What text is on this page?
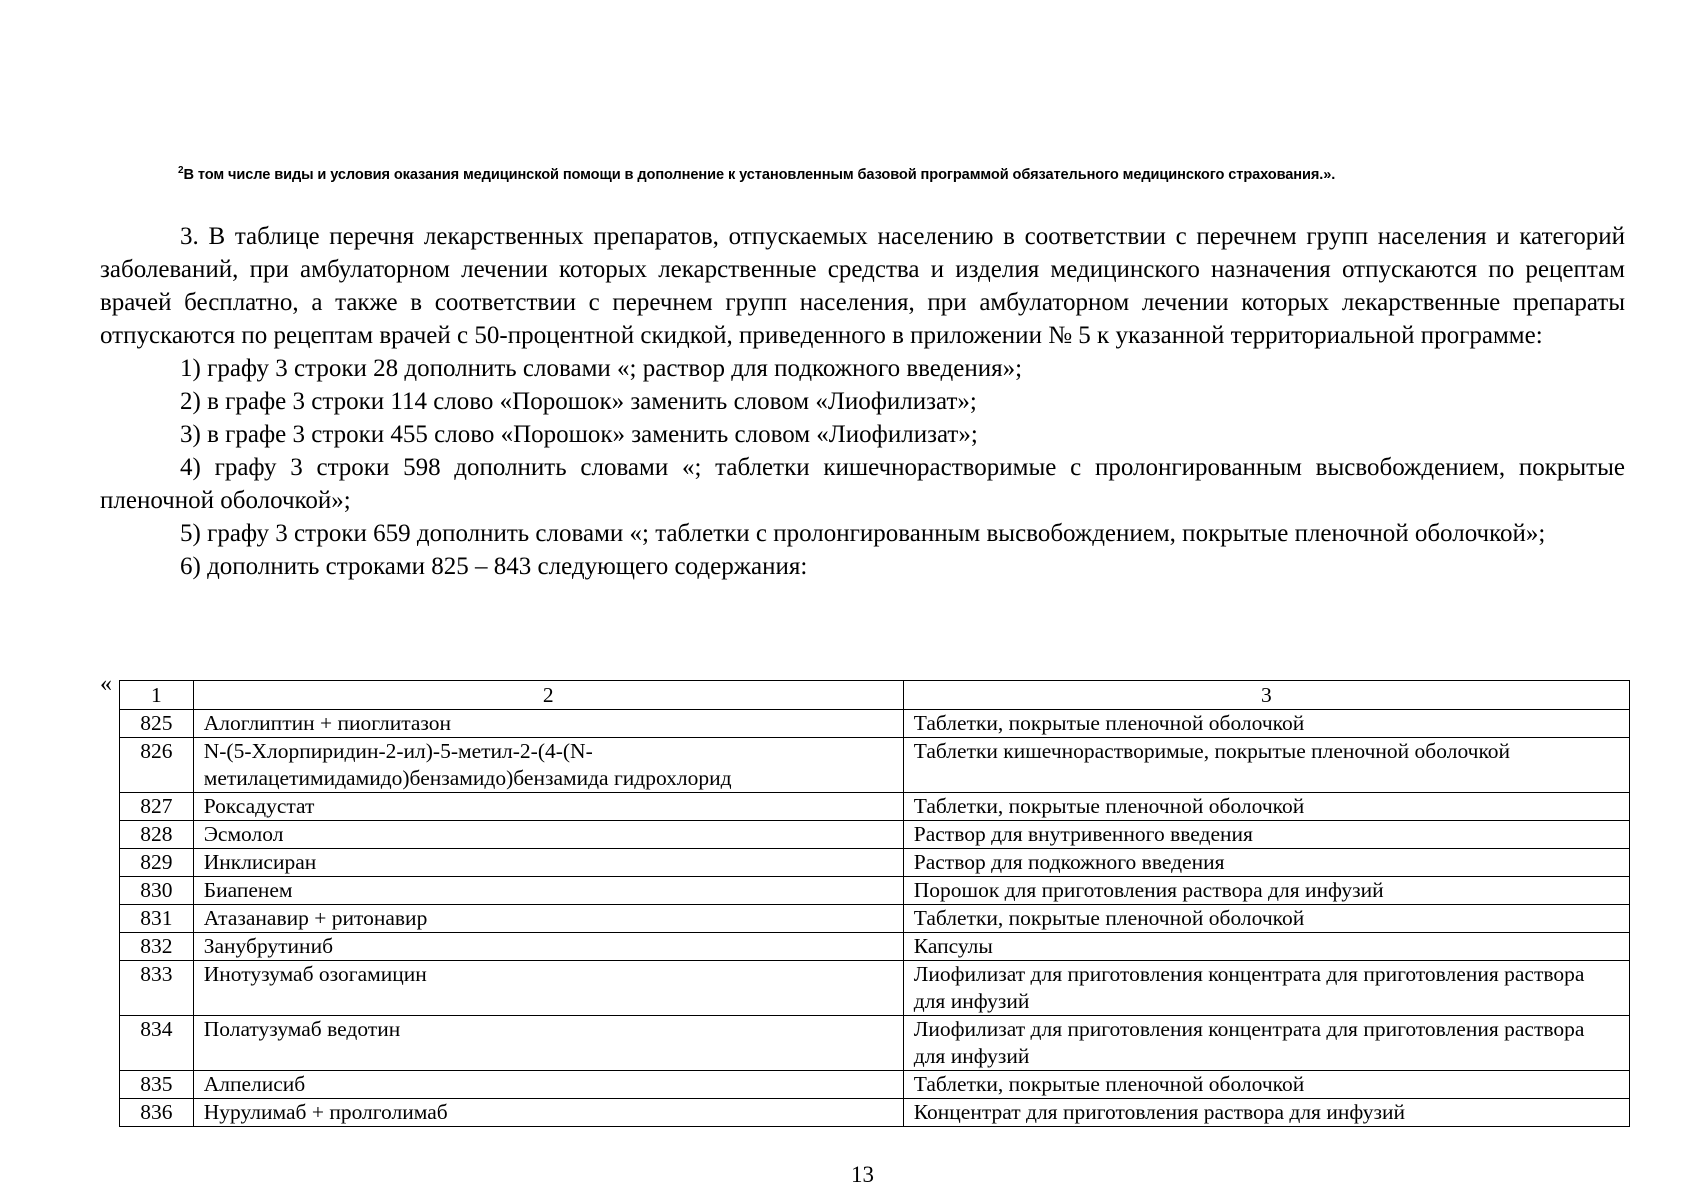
$^2$В том числе виды и условия оказания медицинской помощи в дополнение к установленным базовой программой обязательного медицинского страхования.».

3. В таблице перечня лекарственных препаратов, отпускаемых населению в соответствии с перечнем групп населения и категорий заболеваний, при амбулаторном лечении которых лекарственные средства и изделия медицинского назначения отпускаются по рецептам врачей бесплатно, а также в соответствии с перечнем групп населения, при амбулаторном лечении которых лекарственные препараты отпускаются по рецептам врачей с 50-процентной скидкой, приведенного в приложении № 5 к указанной территориальной программе:

1) графу 3 строки 28 дополнить словами «; раствор для подкожного введения»;

2) в графе 3 строки 114 слово «Порошок» заменить словом «Лиофилизат»;

3) в графе 3 строки 455 слово «Порошок» заменить словом «Лиофилизат»;

4) графу 3 строки 598 дополнить словами «; таблетки кишечнорастворимые с пролонгированным высвобождением, покрытые пленочной оболочкой»;

5) графу 3 строки 659 дополнить словами «; таблетки с пролонгированным высвобождением, покрытые пленочной оболочкой»;

6) дополнить строками 825 – 843 следующего содержания:

« 1	2	3
825	Алоглиптин + пиоглитазон	Таблетки, покрытые пленочной оболочкой
826	N-(5-Хлорпиридин-2-ил)-5-метил-2-(4-(N-метилацетимидамидо)бензамидо)бензамида гидрохлорид	Таблетки кишечнорастворимые, покрытые пленочной оболочкой
827	Роксадустат	Таблетки, покрытые пленочной оболочкой
828	Эсмолол	Раствор для внутривенного введения
829	Инклисиран	Раствор для подкожного введения
830	Биапенем	Порошок для приготовления раствора для инфузий
831	Атазанавир + ритонавир	Таблетки, покрытые пленочной оболочкой
832	Занубрутиниб	Капсулы
833	Инотузумаб озогамицин	Лиофилизат для приготовления концентрата для приготовления раствора для инфузий
834	Полатузумаб ведотин	Лиофилизат для приготовления концентрата для приготовления раствора для инфузий
835	Алпелисиб	Таблетки, покрытые пленочной оболочкой
836	Нурулимаб + пролголимаб	Концентрат для приготовления раствора для инфузий
13
